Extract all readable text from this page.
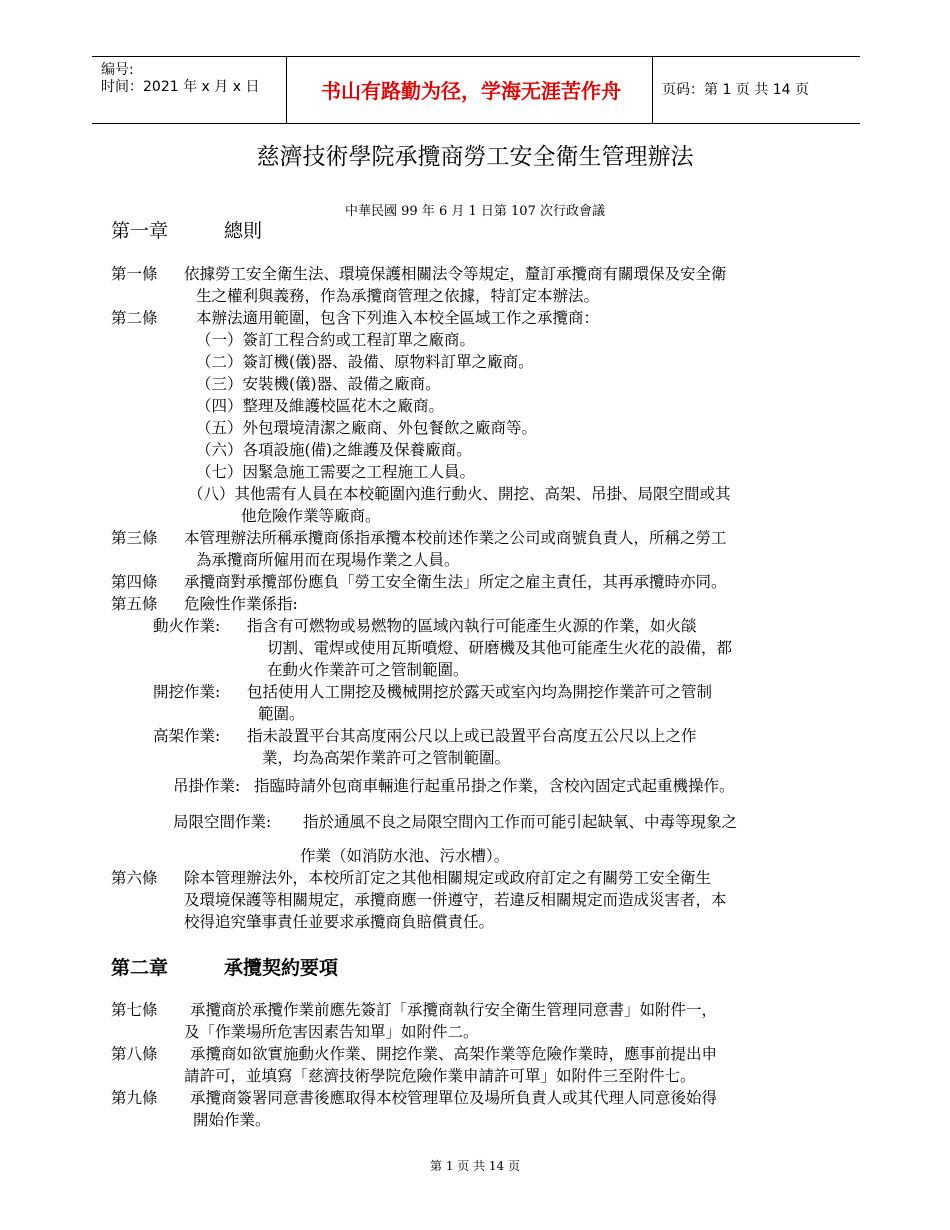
编号:
时间：2021 年 x 月 x 日	书山有路勤为径，学海无涯苦作舟	页码：第 1 页 共 14 页
慈濟技術學院承攬商勞工安全衛生管理辦法
中華民國 99 年 6 月 1 日第 107 次行政會議
第一章	總則
第一條 依據勞工安全衛生法、環境保護相關法令等規定，釐訂承攬商有關環保及安全衛
生之權利與義務，作為承攬商管理之依據，特訂定本辦法。
第二條 本辦法適用範圍，包含下列進入本校全區域工作之承攬商：
（一）簽訂工程合約或工程訂單之廠商。
（二）簽訂機(儀)器、設備、原物料訂單之廠商。
（三）安裝機(儀)器、設備之廠商。
（四）整理及維護校區花木之廠商。
（五）外包環境清潔之廠商、外包餐飲之廠商等。
（六）各項設施(備)之維護及保養廠商。
（七）因緊急施工需要之工程施工人員。
（八）其他需有人員在本校範圍內進行動火、開挖、高架、吊掛、局限空間或其
他危險作業等廠商。
第三條 本管理辦法所稱承攬商係指承攬本校前述作業之公司或商號負責人，所稱之勞工
為承攬商所僱用而在現場作業之人員。
第四條 承攬商對承攬部份應負「勞工安全衛生法」所定之雇主責任，其再承攬時亦同。
第五條 危險性作業係指:
動火作業: 指含有可燃物或易燃物的區域內執行可能產生火源的作業，如火燄
切割、電焊或使用瓦斯噴燈、研磨機及其他可能產生火花的設備，都
在動火作業許可之管制範圍。
開挖作業: 包括使用人工開挖及機械開挖於露天或室內均為開挖作業許可之管制
範圍。
高架作業: 指未設置平台其高度兩公尺以上或已設置平台高度五公尺以上之作
業，均為高架作業許可之管制範圍。
吊掛作業: 指臨時請外包商車輛進行起重吊掛之作業，含校內固定式起重機操作。
局限空間作業: 指於通風不良之局限空間內工作而可能引起缺氧、中毒等現象之
作業（如消防水池、污水槽）。
第六條 除本管理辦法外，本校所訂定之其他相關規定或政府訂定之有關勞工安全衛生
及環境保護等相關規定，承攬商應一併遵守，若違反相關規定而造成災害者，本
校得追究肇事責任並要求承攬商負賠償責任。
第二章	承攬契約要項
第七條 承攬商於承攬作業前應先簽訂「承攬商執行安全衛生管理同意書」如附件一，
及「作業場所危害因素告知單」如附件二。
第八條 承攬商如欲實施動火作業、開挖作業、高架作業等危險作業時，應事前提出申
請許可，並填寫「慈濟技術學院危險作業申請許可單」如附件三至附件七。
第九條 承攬商簽署同意書後應取得本校管理單位及場所負責人或其代理人同意後始得
開始作業。
第 1 页 共 14 页
